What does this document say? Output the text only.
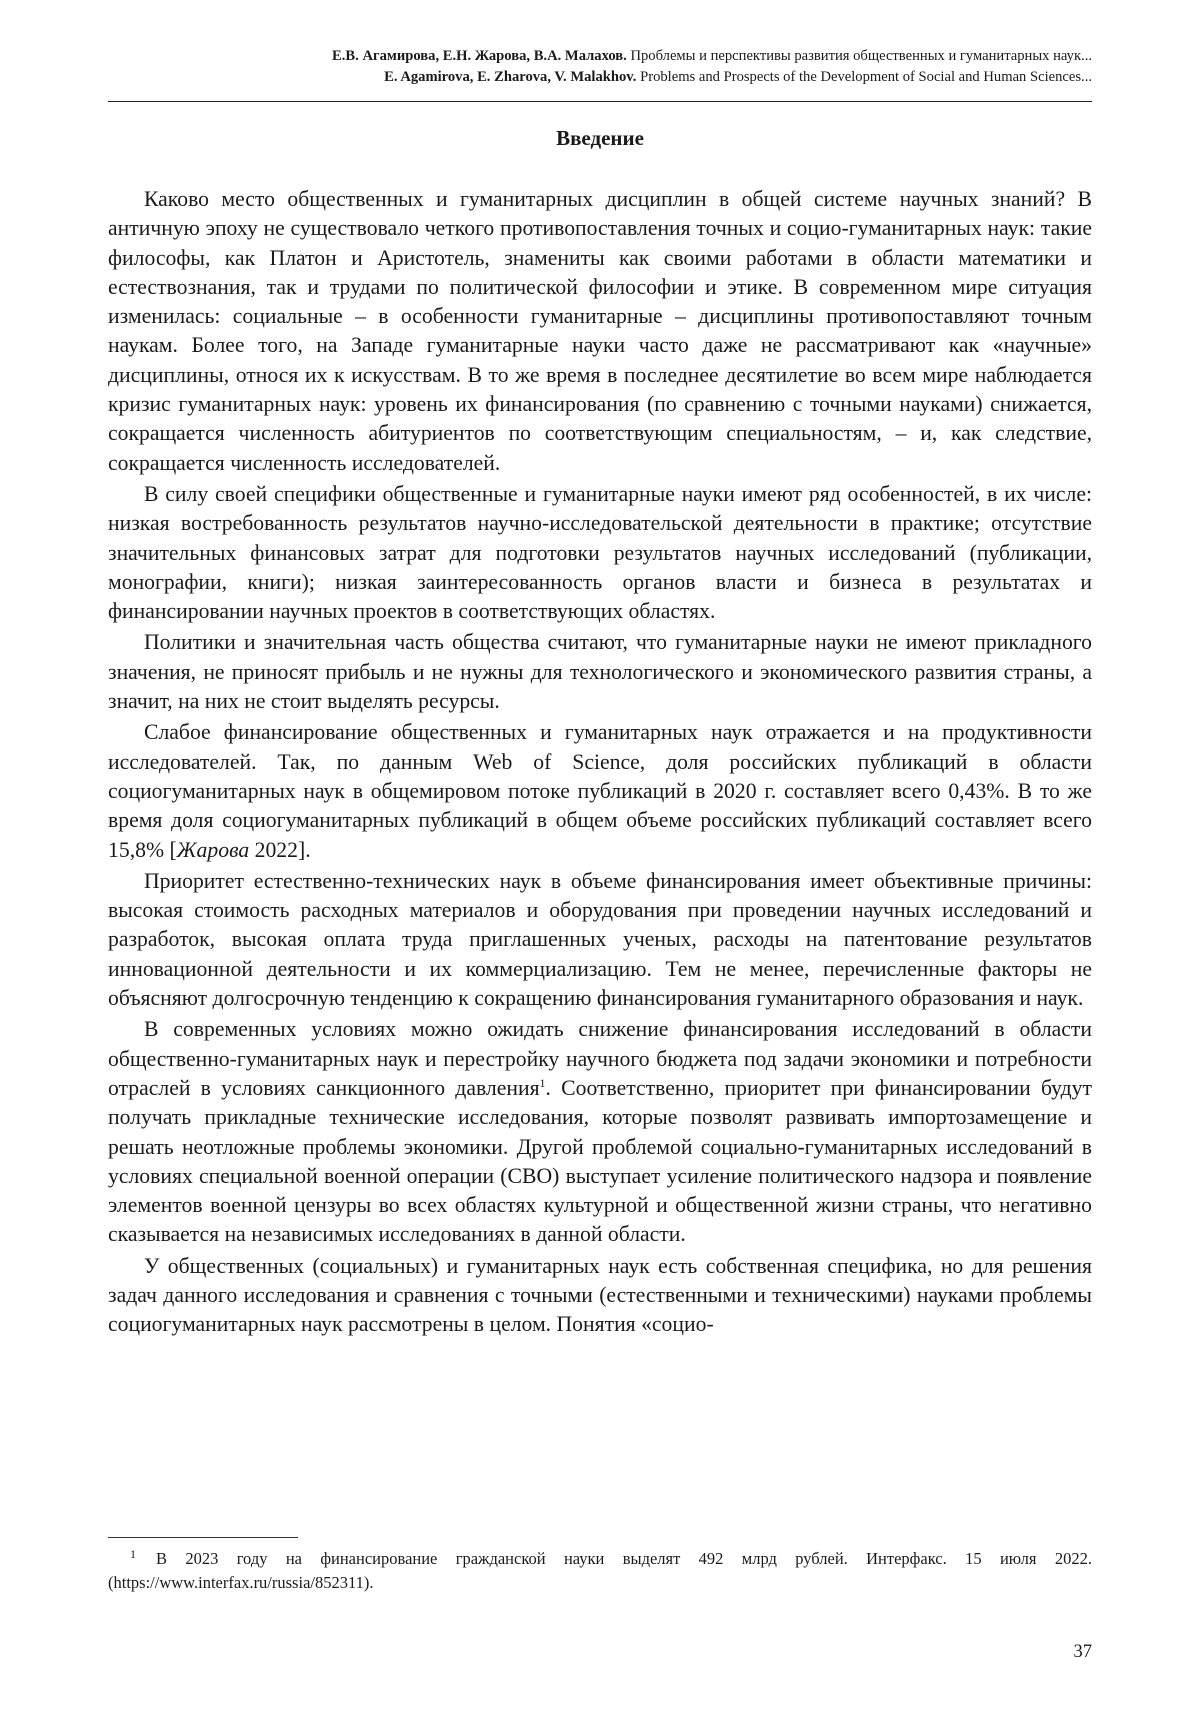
Е.В. Агамирова, Е.Н. Жарова, В.А. Малахов. Проблемы и перспективы развития общественных и гуманитарных наук...
E. Agamirova, E. Zharova, V. Malakhov. Problems and Prospects of the Development of Social and Human Sciences...
Введение

Каково место общественных и гуманитарных дисциплин в общей системе научных знаний? В античную эпоху не существовало четкого противопоставления точных и социо-гуманитарных наук: такие философы, как Платон и Аристотель, знамениты как своими работами в области математики и естествознания, так и трудами по политической философии и этике. В современном мире ситуация изменилась: социальные – в особенности гуманитарные – дисциплины противопоставляют точным наукам. Более того, на Западе гуманитарные науки часто даже не рассматривают как «научные» дисциплины, относя их к искусствам. В то же время в последнее десятилетие во всем мире наблюдается кризис гуманитарных наук: уровень их финансирования (по сравнению с точными науками) снижается, сокращается численность абитуриентов по соответствующим специальностям, – и, как следствие, сокращается численность исследователей.

В силу своей специфики общественные и гуманитарные науки имеют ряд особенностей, в их числе: низкая востребованность результатов научно-исследовательской деятельности в практике; отсутствие значительных финансовых затрат для подготовки результатов научных исследований (публикации, монографии, книги); низкая заинтересованность органов власти и бизнеса в результатах и финансировании научных проектов в соответствующих областях.

Политики и значительная часть общества считают, что гуманитарные науки не имеют прикладного значения, не приносят прибыль и не нужны для технологического и экономического развития страны, а значит, на них не стоит выделять ресурсы.

Слабое финансирование общественных и гуманитарных наук отражается и на продуктивности исследователей. Так, по данным Web of Science, доля российских публикаций в области социогуманитарных наук в общемировом потоке публикаций в 2020 г. составляет всего 0,43%. В то же время доля социогуманитарных публикаций в общем объеме российских публикаций составляет всего 15,8% [Жарова 2022].

Приоритет естественно-технических наук в объеме финансирования имеет объективные причины: высокая стоимость расходных материалов и оборудования при проведении научных исследований и разработок, высокая оплата труда приглашенных ученых, расходы на патентование результатов инновационной деятельности и их коммерциализацию. Тем не менее, перечисленные факторы не объясняют долгосрочную тенденцию к сокращению финансирования гуманитарного образования и наук.

В современных условиях можно ожидать снижение финансирования исследований в области общественно-гуманитарных наук и перестройку научного бюджета под задачи экономики и потребности отраслей в условиях санкционного давления$^1$. Соответственно, приоритет при финансировании будут получать прикладные технические исследования, которые позволят развивать импортозамещение и решать неотложные проблемы экономики. Другой проблемой социально-гуманитарных исследований в условиях специальной военной операции (СВО) выступает усиление политического надзора и появление элементов военной цензуры во всех областях культурной и общественной жизни страны, что негативно сказывается на независимых исследованиях в данной области.

У общественных (социальных) и гуманитарных наук есть собственная специфика, но для решения задач данного исследования и сравнения с точными (естественными и техническими) науками проблемы социогуманитарных наук рассмотрены в целом. Понятия «социо-

1 В 2023 году на финансирование гражданской науки выделят 492 млрд рублей. Интерфакс. 15 июля 2022. (https://www.interfax.ru/russia/852311).
37
